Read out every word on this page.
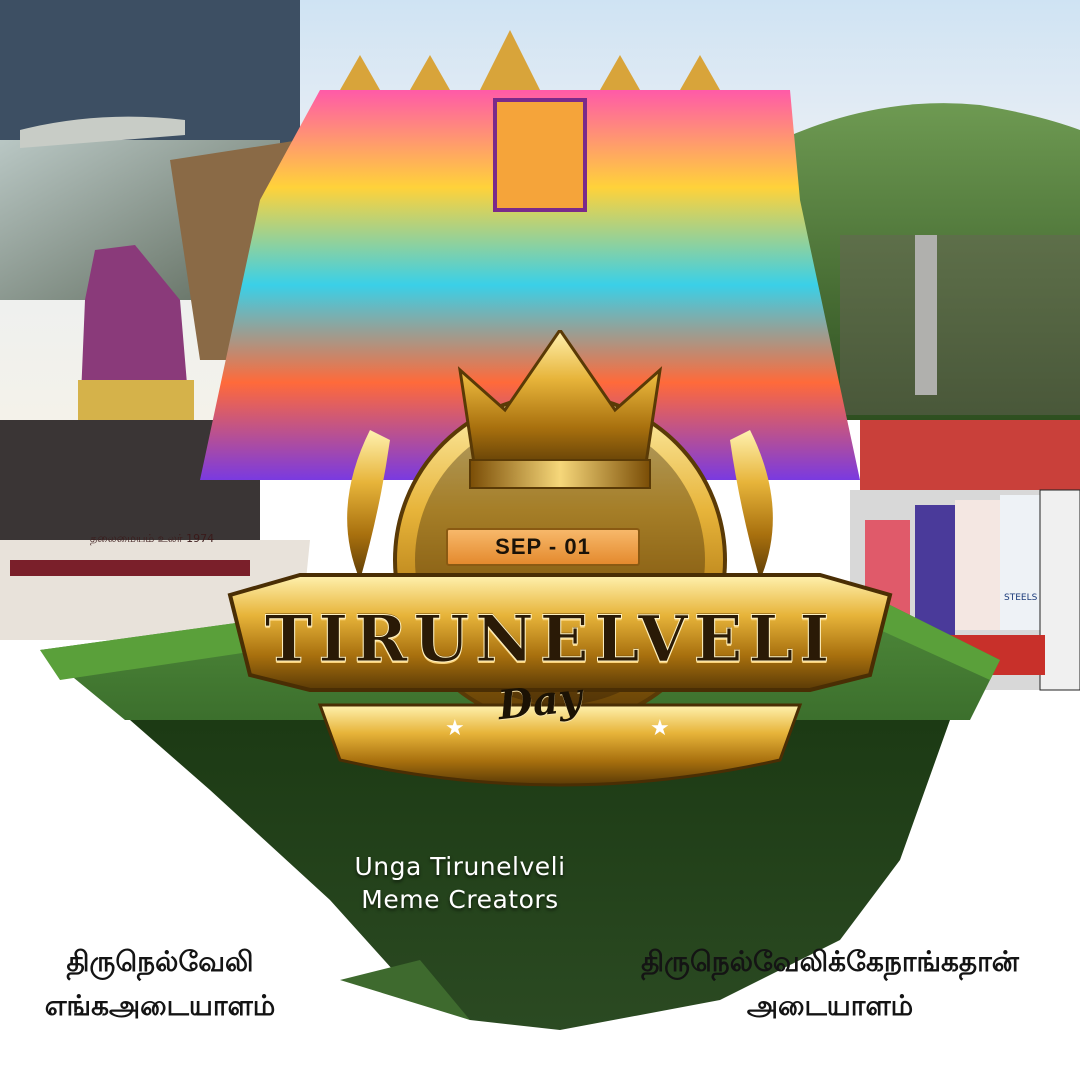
தலைமையம் உலர் 1974
STEELS
★	★
SEP - 01
TIRUNELVELI
Day
Unga Tirunelveli
Meme Creators
திருநெல்வேலி
எங்கஅடையாளம்
திருநெல்வேலிக்கேநாங்கதான்
அடையாளம்
